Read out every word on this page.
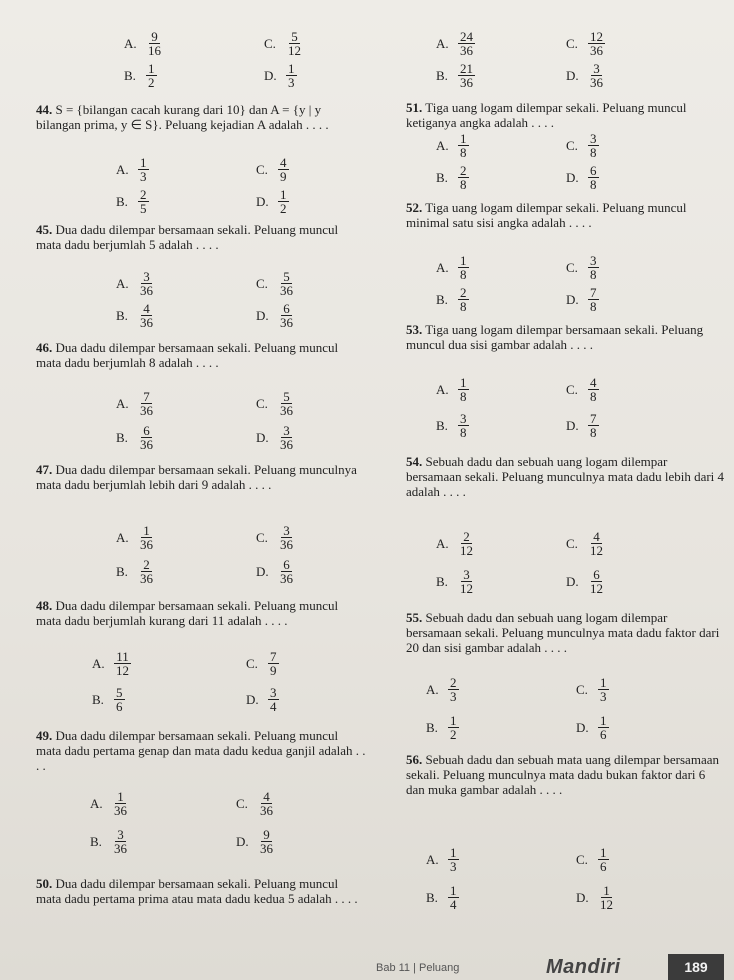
A. $\frac{9}{16}$	C. $\frac{5}{12}$
B. $\frac{1}{2}$	D. $\frac{1}{3}$
44. S = {bilangan cacah kurang dari 10} dan A = {y | y bilangan prima, y ∈ S}. Peluang kejadian A adalah . . . .
A. $\frac{1}{3}$	C. $\frac{4}{9}$
B. $\frac{2}{5}$	D. $\frac{1}{2}$
45. Dua dadu dilempar bersamaan sekali. Peluang muncul mata dadu berjumlah 5 adalah . . . .
A. $\frac{3}{36}$	C. $\frac{5}{36}$
B. $\frac{4}{36}$	D. $\frac{6}{36}$
46. Dua dadu dilempar bersamaan sekali. Peluang muncul mata dadu berjumlah 8 adalah . . . .
A. $\frac{7}{36}$	C. $\frac{5}{36}$
B. $\frac{6}{36}$	D. $\frac{3}{36}$
47. Dua dadu dilempar bersamaan sekali. Peluang munculnya mata dadu berjumlah lebih dari 9 adalah . . . .
A. $\frac{1}{36}$	C. $\frac{3}{36}$
B. $\frac{2}{36}$	D. $\frac{6}{36}$
48. Dua dadu dilempar bersamaan sekali. Peluang muncul mata dadu berjumlah kurang dari 11 adalah . . . .
A. $\frac{11}{12}$	C. $\frac{7}{9}$
B. $\frac{5}{6}$	D. $\frac{3}{4}$
49. Dua dadu dilempar bersamaan sekali. Peluang muncul mata dadu pertama genap dan mata dadu kedua ganjil adalah . . . .
A. $\frac{1}{36}$	C. $\frac{4}{36}$
B. $\frac{3}{36}$	D. $\frac{9}{36}$
50. Dua dadu dilempar bersamaan sekali. Peluang muncul mata dadu pertama prima atau mata dadu kedua 5 adalah . . . .
A. $\frac{24}{36}$	C. $\frac{12}{36}$
B. $\frac{21}{36}$	D. $\frac{3}{36}$
51. Tiga uang logam dilempar sekali. Peluang muncul ketiganya angka adalah . . . .
A. $\frac{1}{8}$	C. $\frac{3}{8}$
B. $\frac{2}{8}$	D. $\frac{6}{8}$
52. Tiga uang logam dilempar sekali. Peluang muncul minimal satu sisi angka adalah . . . .
A. $\frac{1}{8}$	C. $\frac{3}{8}$
B. $\frac{2}{8}$	D. $\frac{7}{8}$
53. Tiga uang logam dilempar bersamaan sekali. Peluang muncul dua sisi gambar adalah . . . .
A. $\frac{1}{8}$	C. $\frac{4}{8}$
B. $\frac{3}{8}$	D. $\frac{7}{8}$
54. Sebuah dadu dan sebuah uang logam dilempar bersamaan sekali. Peluang munculnya mata dadu lebih dari 4 adalah . . . .
A. $\frac{2}{12}$	C. $\frac{4}{12}$
B. $\frac{3}{12}$	D. $\frac{6}{12}$
55. Sebuah dadu dan sebuah uang logam dilempar bersamaan sekali. Peluang munculnya mata dadu faktor dari 20 dan sisi gambar adalah . . . .
A. $\frac{2}{3}$	C. $\frac{1}{3}$
B. $\frac{1}{2}$	D. $\frac{1}{6}$
56. Sebuah dadu dan sebuah mata uang dilempar bersamaan sekali. Peluang munculnya mata dadu bukan faktor dari 6 dan muka gambar adalah . . . .
A. $\frac{1}{3}$	C. $\frac{1}{6}$
B. $\frac{1}{4}$	D. $\frac{1}{12}$
Bab 11 | Peluang	Mandiri	189
